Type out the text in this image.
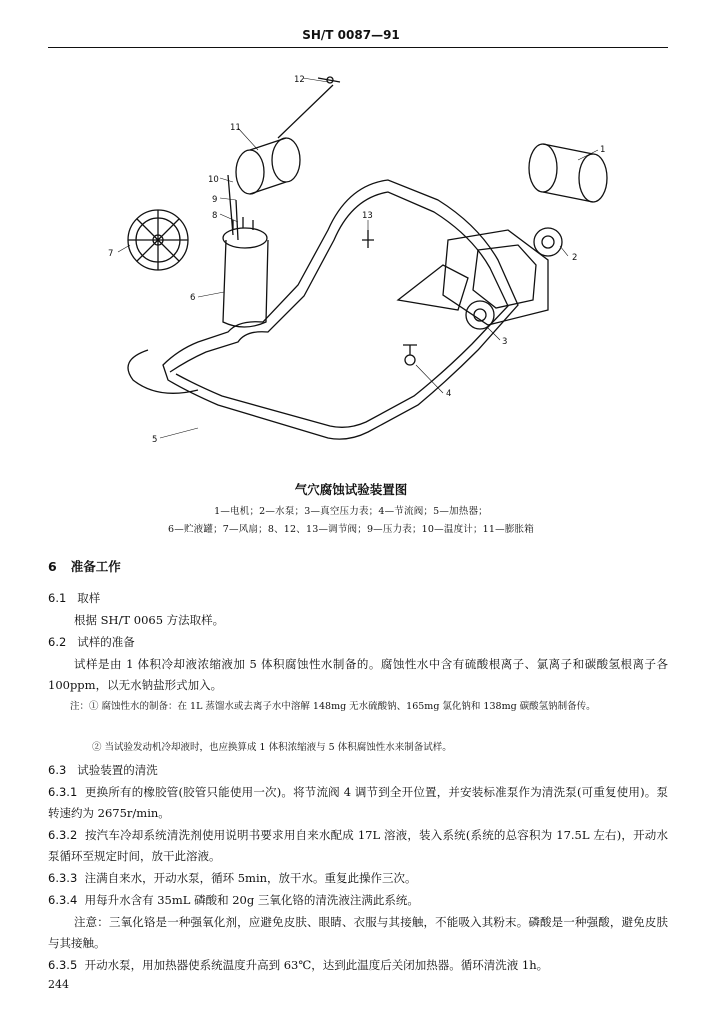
SH/T 0087—91
12
11
10
9
8
7
6
1
2
3
4
5
13
气穴腐蚀试验装置图
1—电机；2—水泵；3—真空压力表；4—节流阀；5—加热器；
6—贮液罐；7—风扇；8、12、13—调节阀；9—压力表；10—温度计；11—膨胀箱
6 准备工作
6.1 取样
根据 SH/T 0065 方法取样。
6.2 试样的准备
试样是由 1 体积冷却液浓缩液加 5 体积腐蚀性水制备的。腐蚀性水中含有硫酸根离子、氯离子和碳酸氢根离子各 100ppm，以无水钠盐形式加入。
注：① 腐蚀性水的制备：在 1L 蒸馏水或去离子水中溶解 148mg 无水硫酸钠、165mg 氯化钠和 138mg 碳酸氢钠制备传。
② 当试验发动机冷却液时，也应换算成 1 体积浓缩液与 5 体积腐蚀性水来制备试样。
6.3 试验装置的清洗
6.3.1 更换所有的橡胶管(胶管只能使用一次)。将节流阀 4 调节到全开位置，并安装标准泵作为清洗泵(可重复使用)。泵转速约为 2675r/min。
6.3.2 按汽车冷却系统清洗剂使用说明书要求用自来水配成 17L 溶液，装入系统(系统的总容积为 17.5L 左右)，开动水泵循环至规定时间，放干此溶液。
6.3.3 注满自来水，开动水泵，循环 5min，放干水。重复此操作三次。
6.3.4 用每升水含有 35mL 磷酸和 20g 三氧化铬的清洗液注满此系统。
注意：三氧化铬是一种强氧化剂，应避免皮肤、眼睛、衣服与其接触，不能吸入其粉末。磷酸是一种强酸，避免皮肤与其接触。
6.3.5 开动水泵，用加热器使系统温度升高到 63℃，达到此温度后关闭加热器。循环清洗液 1h。
244
